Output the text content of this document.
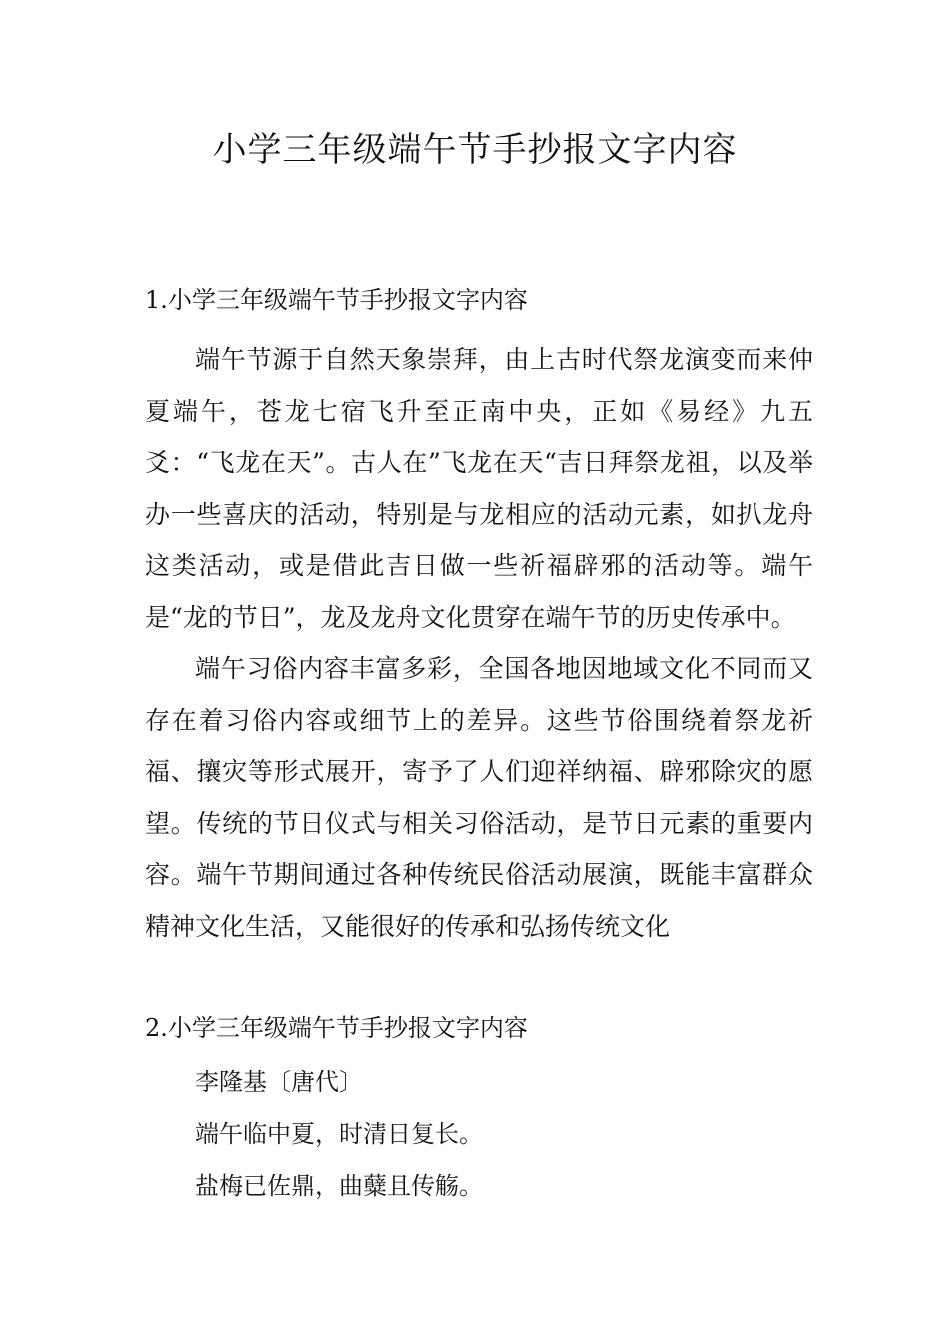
小学三年级端午节手抄报文字内容

1.小学三年级端午节手抄报文字内容

端午节源于自然天象崇拜，由上古时代祭龙演变而来仲夏端午，苍龙七宿飞升至正南中央，正如《易经》九五爻：“飞龙在天”。古人在”飞龙在天“吉日拜祭龙祖，以及举办一些喜庆的活动，特别是与龙相应的活动元素，如扒龙舟这类活动，或是借此吉日做一些祈福辟邪的活动等。端午是“龙的节日”，龙及龙舟文化贯穿在端午节的历史传承中。

端午习俗内容丰富多彩，全国各地因地域文化不同而又存在着习俗内容或细节上的差异。这些节俗围绕着祭龙祈福、攘灾等形式展开，寄予了人们迎祥纳福、辟邪除灾的愿望。传统的节日仪式与相关习俗活动，是节日元素的重要内容。端午节期间通过各种传统民俗活动展演，既能丰富群众精神文化生活，又能很好的传承和弘扬传统文化

2.小学三年级端午节手抄报文字内容

李隆基〔唐代〕

端午临中夏，时清日复长。

盐梅已佐鼎，曲糵且传觞。
